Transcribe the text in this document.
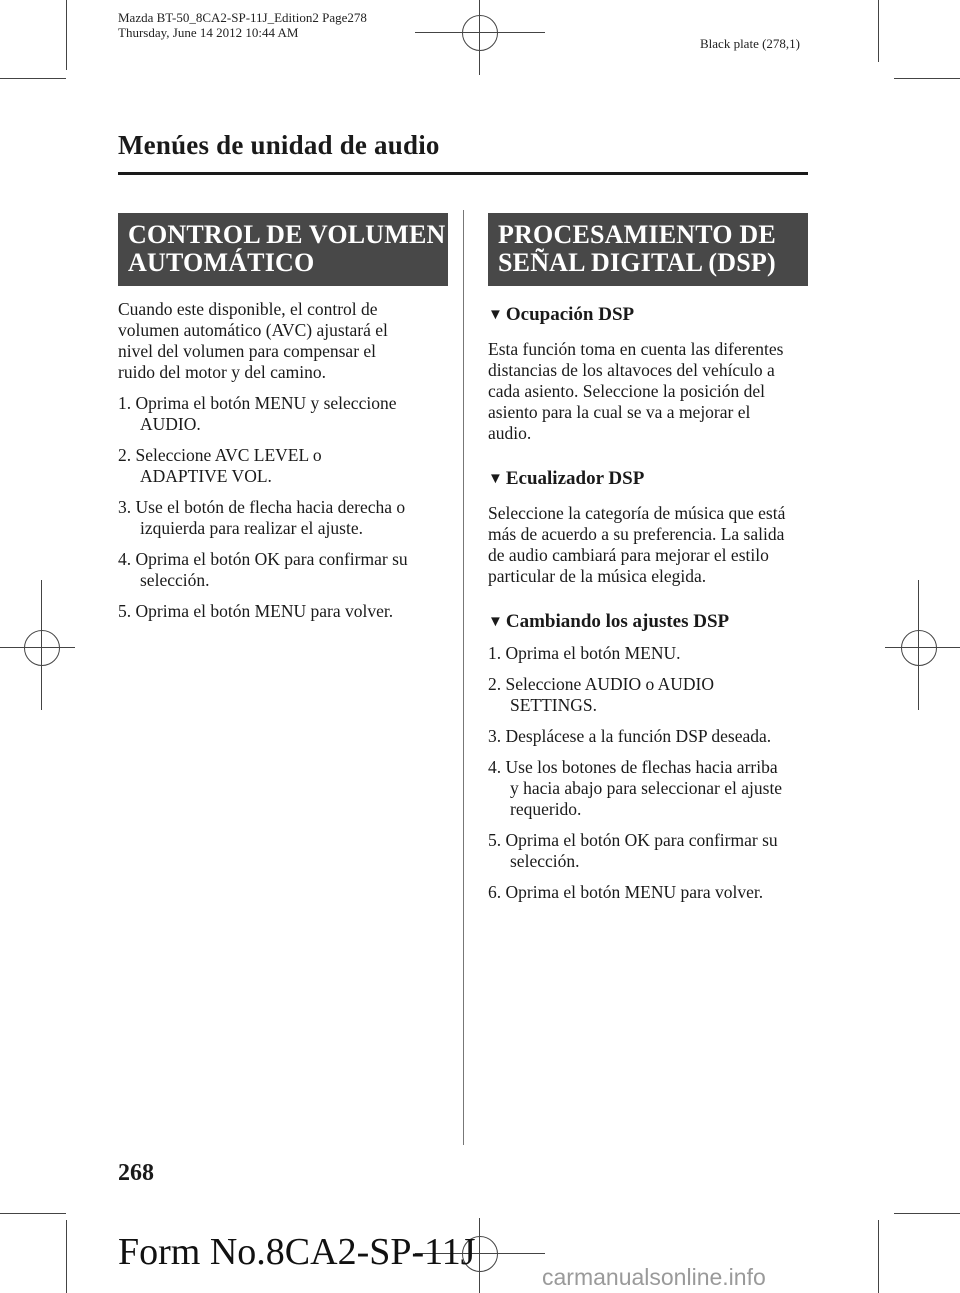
Mazda BT-50_8CA2-SP-11J_Edition2 Page278
Thursday, June 14 2012 10:44 AM
Black plate (278,1)
Menúes de unidad de audio
CONTROL DE VOLUMEN
AUTOMÁTICO
Cuando este disponible, el control de
volumen automático (AVC) ajustará el
nivel del volumen para compensar el
ruido del motor y del camino.
1. Oprima el botón MENU y seleccione
AUDIO.
2. Seleccione AVC LEVEL o
ADAPTIVE VOL.
3. Use el botón de flecha hacia derecha o
izquierda para realizar el ajuste.
4. Oprima el botón OK para confirmar su
selección.
5. Oprima el botón MENU para volver.
PROCESAMIENTO DE
SEÑAL DIGITAL (DSP)
▼ Ocupación DSP
Esta función toma en cuenta las diferentes
distancias de los altavoces del vehículo a
cada asiento. Seleccione la posición del
asiento para la cual se va a mejorar el
audio.
▼ Ecualizador DSP
Seleccione la categoría de música que está
más de acuerdo a su preferencia. La salida
de audio cambiará para mejorar el estilo
particular de la música elegida.
▼ Cambiando los ajustes DSP
1. Oprima el botón MENU.
2. Seleccione AUDIO o AUDIO
SETTINGS.
3. Desplácese a la función DSP deseada.
4. Use los botones de flechas hacia arriba
y hacia abajo para seleccionar el ajuste
requerido.
5. Oprima el botón OK para confirmar su
selección.
6. Oprima el botón MENU para volver.
268
Form No.8CA2-SP-11J
carmanualsonline.info
